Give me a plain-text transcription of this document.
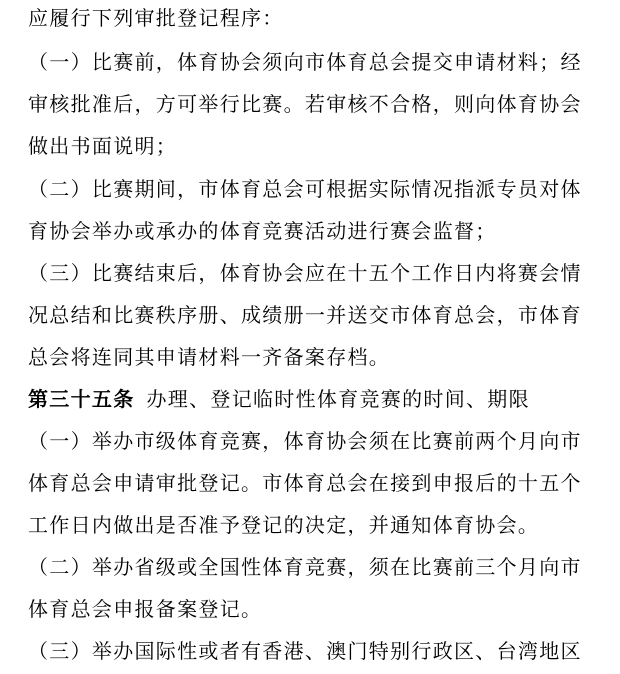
应履行下列审批登记程序：
（一）比赛前，体育协会须向市体育总会提交申请材料；经
审核批准后，方可举行比赛。若审核不合格，则向体育协会
做出书面说明；
（二）比赛期间，市体育总会可根据实际情况指派专员对体
育协会举办或承办的体育竞赛活动进行赛会监督；
（三）比赛结束后，体育协会应在十五个工作日内将赛会情
况总结和比赛秩序册、成绩册一并送交市体育总会，市体育
总会将连同其申请材料一齐备案存档。
第三十五条 办理、登记临时性体育竞赛的时间、期限
（一）举办市级体育竞赛，体育协会须在比赛前两个月向市
体育总会申请审批登记。市体育总会在接到申报后的十五个
工作日内做出是否准予登记的决定，并通知体育协会。
（二）举办省级或全国性体育竞赛，须在比赛前三个月向市
体育总会申报备案登记。
（三）举办国际性或者有香港、澳门特别行政区、台湾地区
